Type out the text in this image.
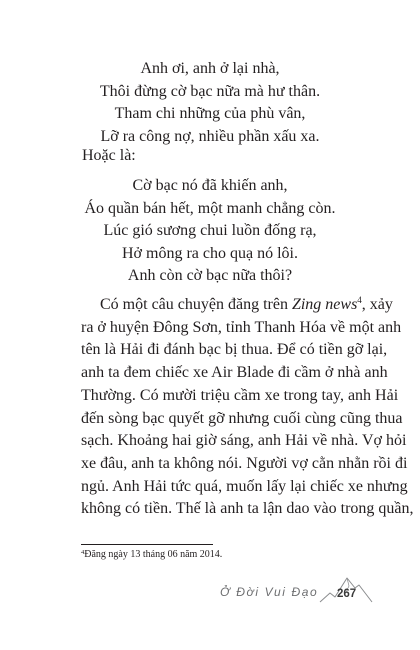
Anh ơi, anh ở lại nhà,
Thôi đừng cờ bạc nữa mà hư thân.
Tham chi những của phù vân,
Lỡ ra công nợ, nhiều phần xấu xa.
Hoặc là:
Cờ bạc nó đã khiến anh,
Áo quần bán hết, một manh chẳng còn.
Lúc gió sương chui luồn đống rạ,
Hở mông ra cho quạ nó lôi.
Anh còn cờ bạc nữa thôi?
Có một câu chuyện đăng trên Zing news$^4$, xảy
ra ở huyện Đông Sơn, tỉnh Thanh Hóa về một anh
tên là Hải đi đánh bạc bị thua. Để có tiền gỡ lại,
anh ta đem chiếc xe Air Blade đi cầm ở nhà anh
Thường. Có mười triệu cầm xe trong tay, anh Hải
đến sòng bạc quyết gỡ nhưng cuối cùng cũng thua
sạch. Khoảng hai giờ sáng, anh Hải về nhà. Vợ hỏi
xe đâu, anh ta không nói. Người vợ cằn nhằn rồi đi
ngủ. Anh Hải tức quá, muốn lấy lại chiếc xe nhưng
không có tiền. Thế là anh ta lận dao vào trong quần,
$^4$Đăng ngày 13 tháng 06 năm 2014.
Ở Đời Vui Đạo 267
